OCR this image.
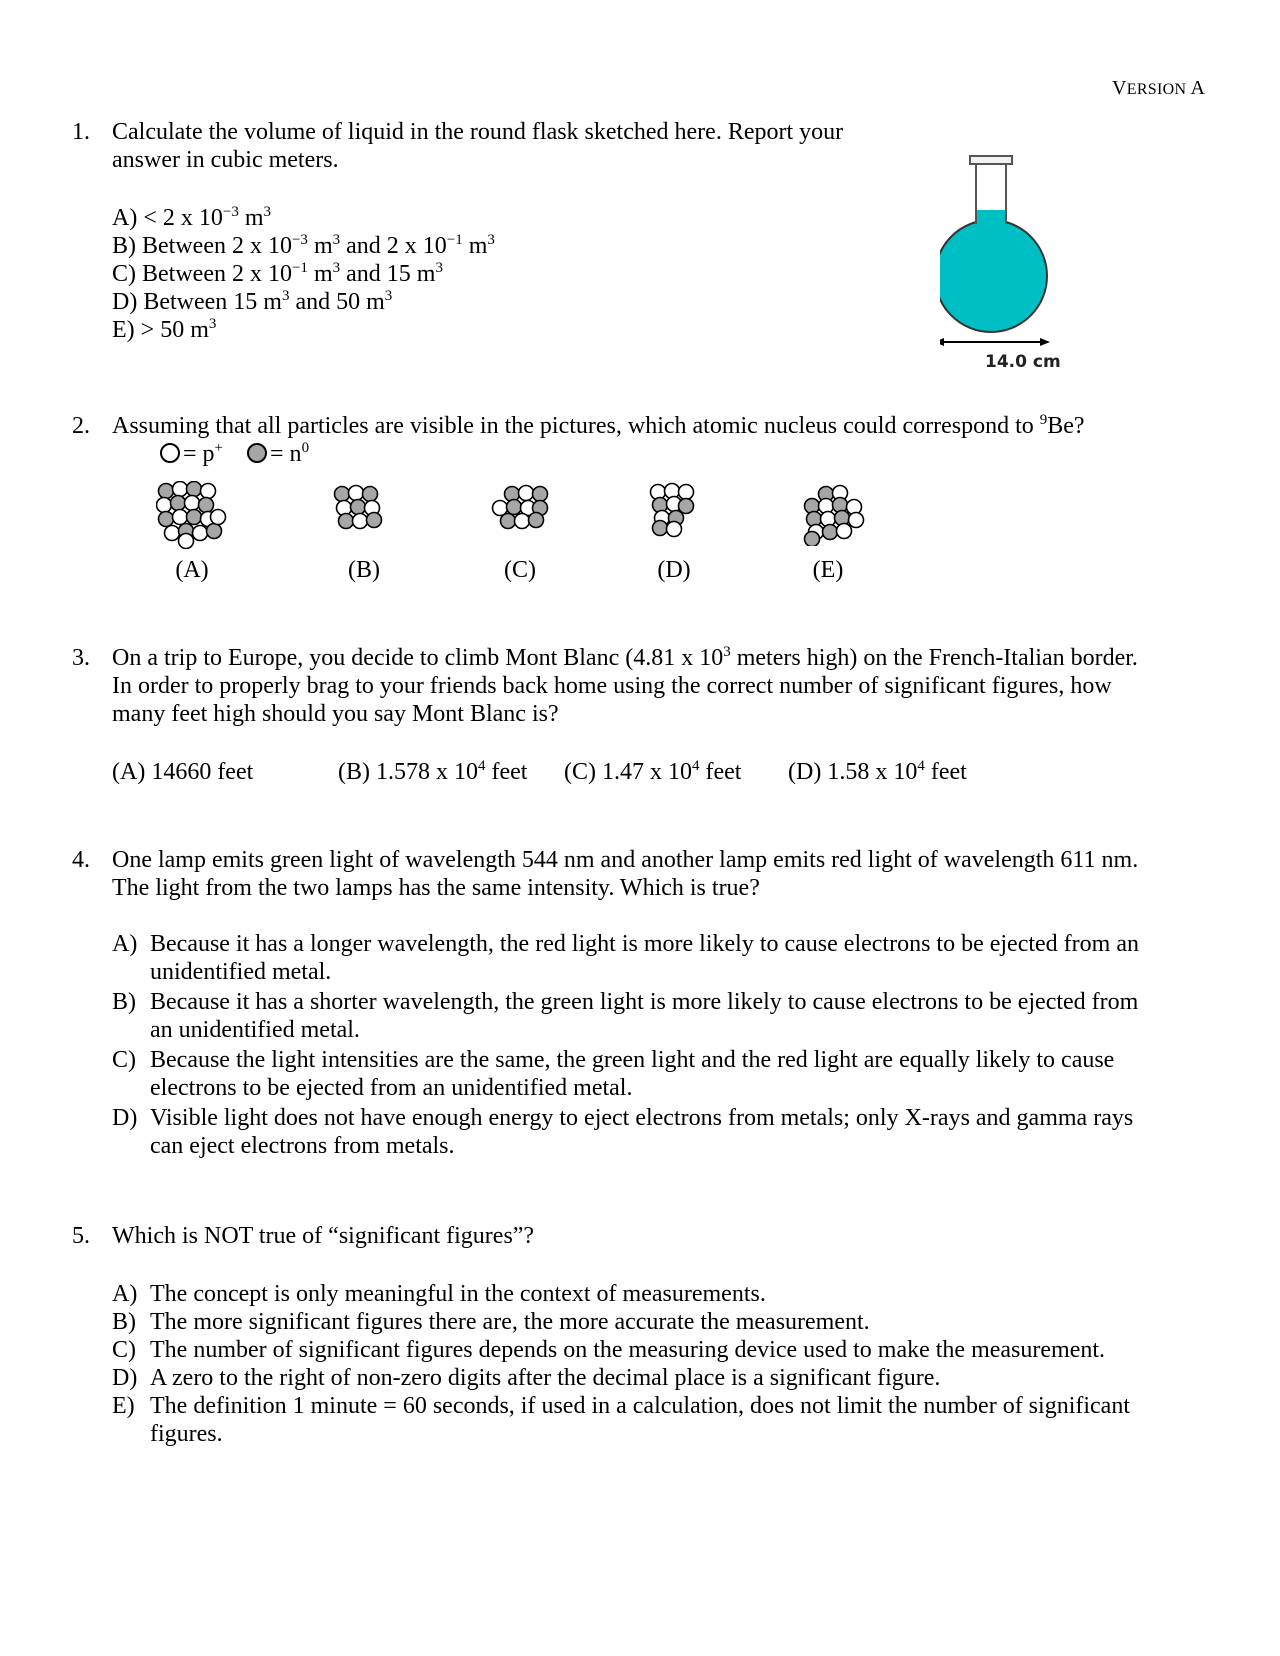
VERSION A
1. Calculate the volume of liquid in the round flask sketched here. Report your
answer in cubic meters.
A) < 2 x $10^{-3}$ $m^3$
B) Between 2 x $10^{-3}$ $m^3$ and 2 x $10^{-1}$ $m^3$
C) Between 2 x $10^{-1}$ $m^3$ and 15 $m^3$
D) Between 15 $m^3$ and 50 $m^3$
E) > 50 $m^3$
14.0 cm
2. Assuming that all particles are visible in the pictures, which atomic nucleus could correspond to $^9$Be?
= $p^+ = n^0$
(A)	(B)	(C)	(D)	(E)
3. On a trip to Europe, you decide to climb Mont Blanc (4.81 x $10^3$ meters high) on the French-Italian border.
In order to properly brag to your friends back home using the correct number of significant figures, how
many feet high should you say Mont Blanc is?
(A) 14660 feet	(B) 1.578 x $10^4$ feet (C) 1.47 x $10^4$ feet (D) 1.58 x $10^4$ feet
4. One lamp emits green light of wavelength 544 nm and another lamp emits red light of wavelength 611 nm.
The light from the two lamps has the same intensity. Which is true?
A) Because it has a longer wavelength, the red light is more likely to cause electrons to be ejected from an
unidentified metal.
B) Because it has a shorter wavelength, the green light is more likely to cause electrons to be ejected from
an unidentified metal.
C) Because the light intensities are the same, the green light and the red light are equally likely to cause
electrons to be ejected from an unidentified metal.
D) Visible light does not have enough energy to eject electrons from metals; only X-rays and gamma rays
can eject electrons from metals.
5. Which is NOT true of “significant figures”?
A) The concept is only meaningful in the context of measurements.
B) The more significant figures there are, the more accurate the measurement.
C) The number of significant figures depends on the measuring device used to make the measurement.
D) A zero to the right of non-zero digits after the decimal place is a significant figure.
E) The definition 1 minute = 60 seconds, if used in a calculation, does not limit the number of significant
figures.
